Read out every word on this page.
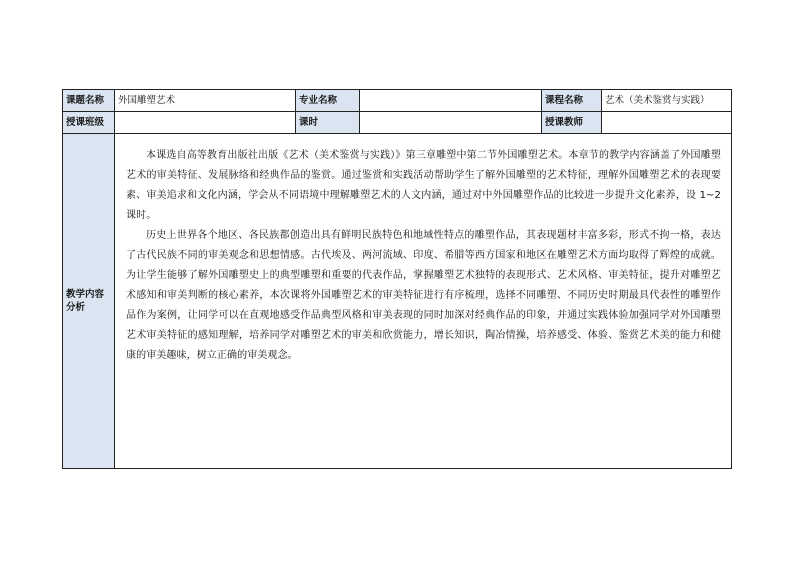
课题名称	外国雕塑艺术	专业名称		课程名称	艺术（美术鉴赏与实践）
授课班级		课时		授课教师	
教学内容分析	本课选自高等教育出版社出版《艺术（美术鉴赏与实践）》第三章雕塑中第二节外国雕塑艺术。本章节的教学内容涵盖了外国雕塑艺术的审美特征、发展脉络和经典作品的鉴赏。通过鉴赏和实践活动帮助学生了解外国雕塑的艺术特征，理解外国雕塑艺术的表现要素、审美追求和文化内涵，学会从不同语境中理解雕塑艺术的人文内涵，通过对中外国雕塑作品的比较进一步提升文化素养，设 1~2 课时。

历史上世界各个地区、各民族都创造出具有鲜明民族特色和地域性特点的雕塑作品，其表现题材丰富多彩，形式不拘一格，表达了古代民族不同的审美观念和思想情感。古代埃及、两河流域、印度、希腊等西方国家和地区在雕塑艺术方面均取得了辉煌的成就。为让学生能够了解外国雕塑史上的典型雕塑和重要的代表作品，掌握雕塑艺术独特的表现形式、艺术风格、审美特征，提升对雕塑艺术感知和审美判断的核心素养，本次课将外国雕塑艺术的审美特征进行有序梳理，选择不同雕塑、不同历史时期最具代表性的雕塑作品作为案例，让同学可以在直观地感受作品典型风格和审美表现的同时加深对经典作品的印象，并通过实践体验加强同学对外国雕塑艺术审美特征的感知理解，培养同学对雕塑艺术的审美和欣赏能力，增长知识，陶冶情操，培养感受、体验、鉴赏艺术美的能力和健康的审美趣味，树立正确的审美观念。				
